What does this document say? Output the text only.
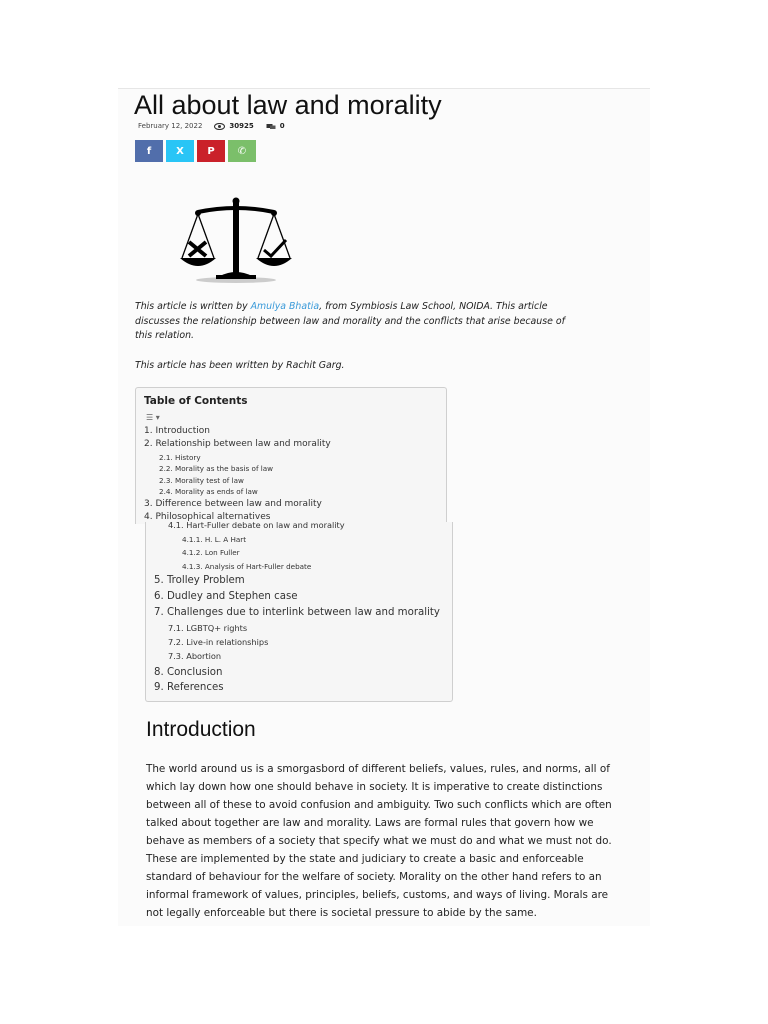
All about law and morality
February 12, 2022	30925	0
f X P ✆
This article is written by Amulya Bhatia, from Symbiosis Law School, NOIDA. This article
discusses the relationship between law and morality and the conflicts that arise because of
this relation.
This article has been written by Rachit Garg.
Table of Contents
☰ ▾
1. Introduction
2. Relationship between law and morality
2.1. History
2.2. Morality as the basis of law
2.3. Morality test of law
2.4. Morality as ends of law
3. Difference between law and morality
4. Philosophical alternatives
4.1. Hart-Fuller debate on law and morality
4.1.1. H. L. A Hart
4.1.2. Lon Fuller
4.1.3. Analysis of Hart-Fuller debate
5. Trolley Problem
6. Dudley and Stephen case
7. Challenges due to interlink between law and morality
7.1. LGBTQ+ rights
7.2. Live-in relationships
7.3. Abortion
8. Conclusion
9. References
Introduction
The world around us is a smorgasbord of different beliefs, values, rules, and norms, all of
which lay down how one should behave in society. It is imperative to create distinctions
between all of these to avoid confusion and ambiguity. Two such conflicts which are often
talked about together are law and morality. Laws are formal rules that govern how we
behave as members of a society that specify what we must do and what we must not do.
These are implemented by the state and judiciary to create a basic and enforceable
standard of behaviour for the welfare of society. Morality on the other hand refers to an
informal framework of values, principles, beliefs, customs, and ways of living. Morals are
not legally enforceable but there is societal pressure to abide by the same.
